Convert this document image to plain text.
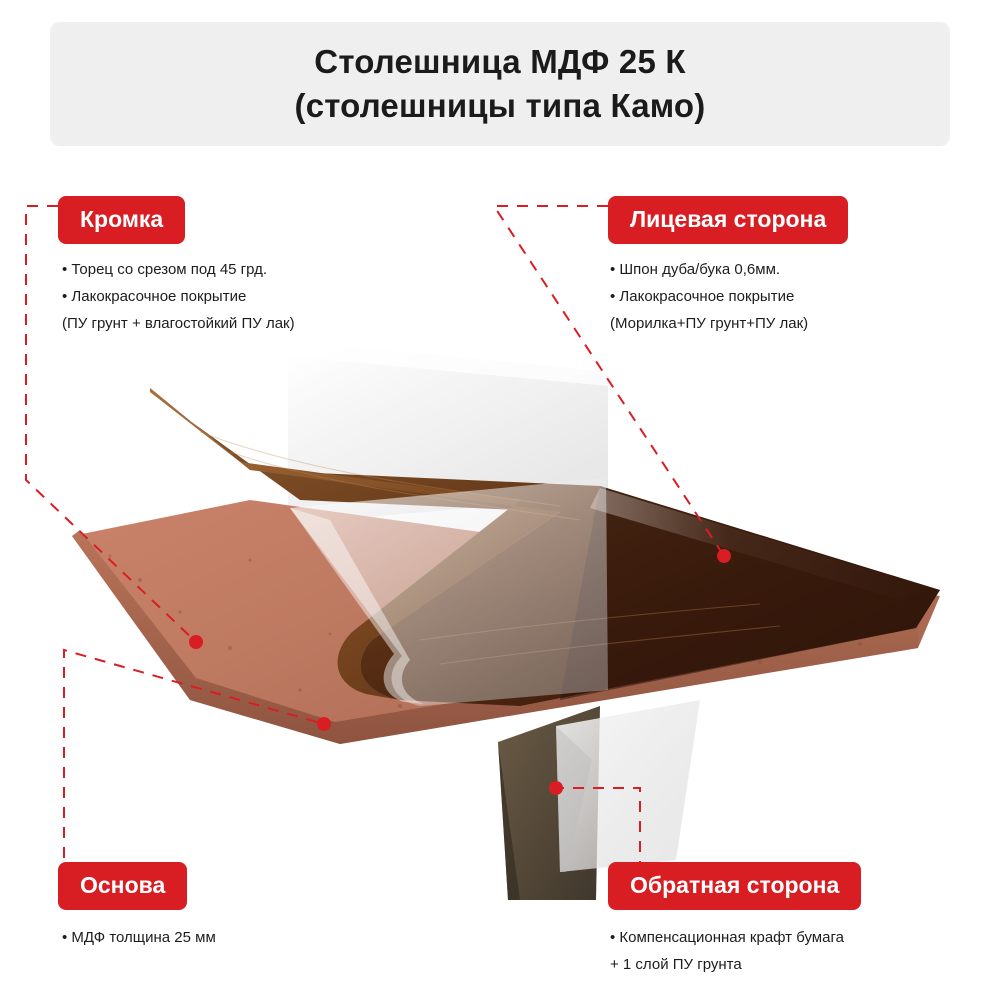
Столешница МДФ 25 К
(столешницы типа Камо)
Кромка	Лицевая сторона
Основа	Обратная сторона
• Торец со срезом под 45 грд.
• Лакокрасочное покрытие
(ПУ грунт + влагостойкий ПУ лак)
• Шпон дуба/бука 0,6мм.
• Лакокрасочное покрытие
(Морилка+ПУ грунт+ПУ лак)
• МДФ толщина 25 мм	• Компенсационная крафт бумага
+ 1 слой ПУ грунта
